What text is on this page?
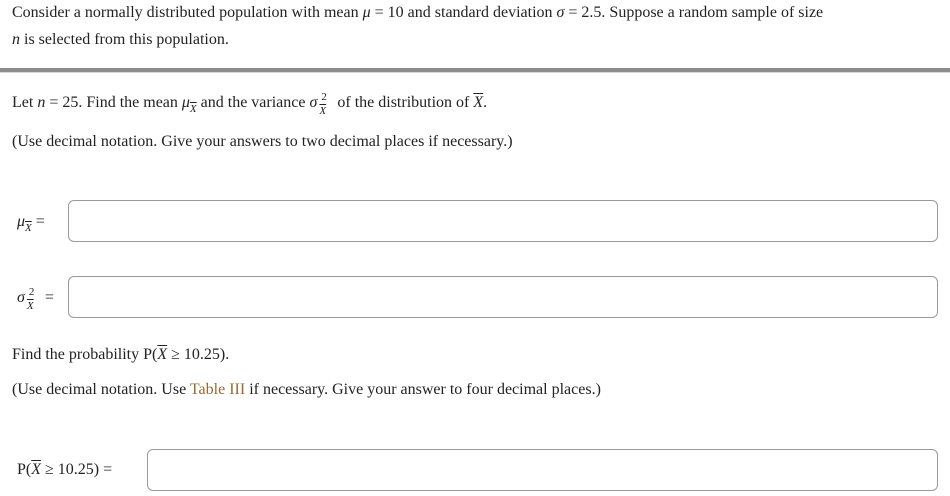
Consider a normally distributed population with mean μ = 10 and standard deviation σ = 2.5. Suppose a random sample of size
n is selected from this population.
Let n = 25. Find the mean $\mu_{\overline{X}}$ and the variance σ 2
$\overline{X}$ of the distribution of $\overline{X}$.
(Use decimal notation. Give your answers to two decimal places if necessary.)
$\mu_{\overline{X}}$ =
σ 2
$\overline{X}$ =
Find the probability $P(\overline{X} \ge 10.25)$.
(Use decimal notation. Use Table III if necessary. Give your answer to four decimal places.)
$P(\overline{X} \ge 10.25)$ =
